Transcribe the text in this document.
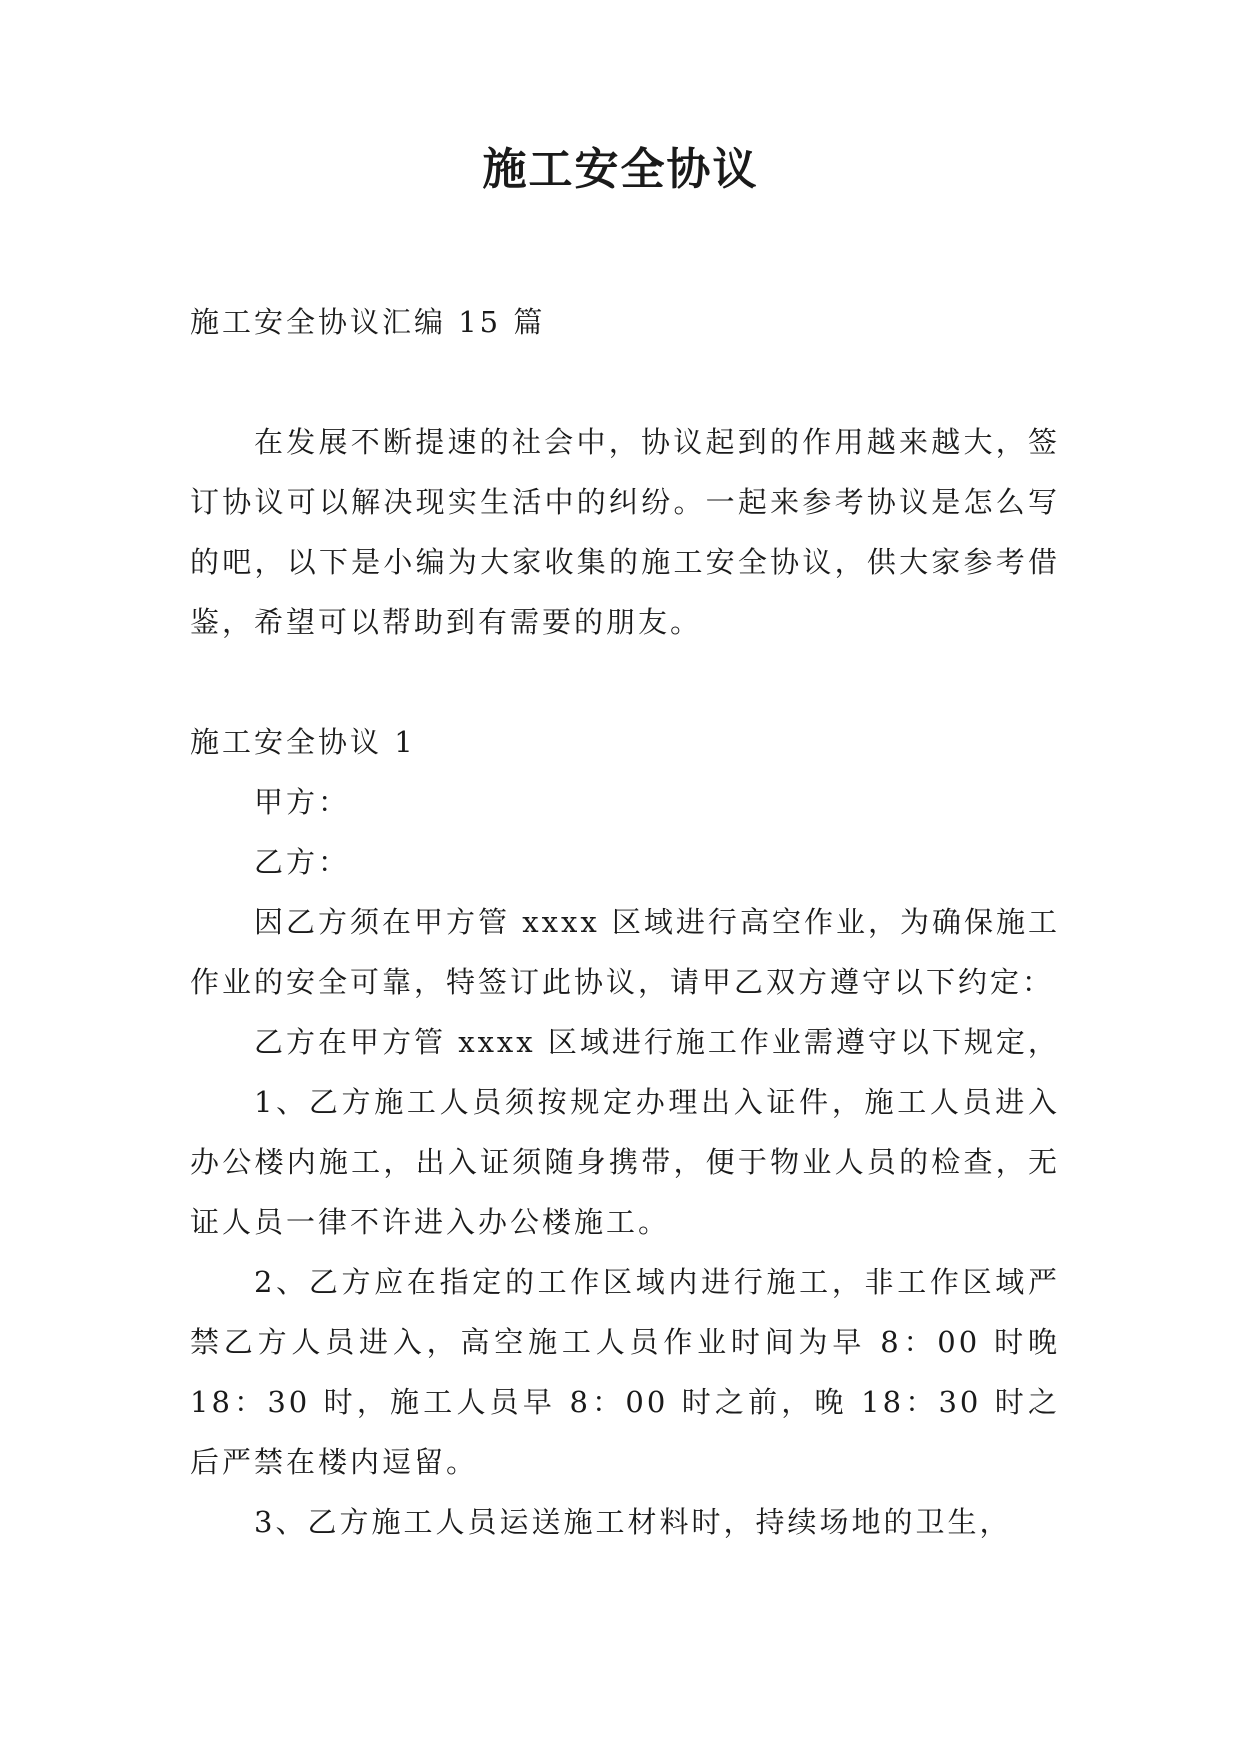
施工安全协议

施工安全协议汇编 15 篇

在发展不断提速的社会中，协议起到的作用越来越大，签订协议可以解决现实生活中的纠纷。一起来参考协议是怎么写的吧，以下是小编为大家收集的施工安全协议，供大家参考借鉴，希望可以帮助到有需要的朋友。

施工安全协议 1

甲方：

乙方：

因乙方须在甲方管 xxxx 区域进行高空作业，为确保施工作业的安全可靠，特签订此协议，请甲乙双方遵守以下约定：

乙方在甲方管 xxxx 区域进行施工作业需遵守以下规定，

1、乙方施工人员须按规定办理出入证件，施工人员进入办公楼内施工，出入证须随身携带，便于物业人员的检查，无证人员一律不许进入办公楼施工。

2、乙方应在指定的工作区域内进行施工，非工作区域严禁乙方人员进入，高空施工人员作业时间为早 8：00 时晚 18：30 时，施工人员早 8：00 时之前，晚 18：30 时之后严禁在楼内逗留。

3、乙方施工人员运送施工材料时，持续场地的卫生，
